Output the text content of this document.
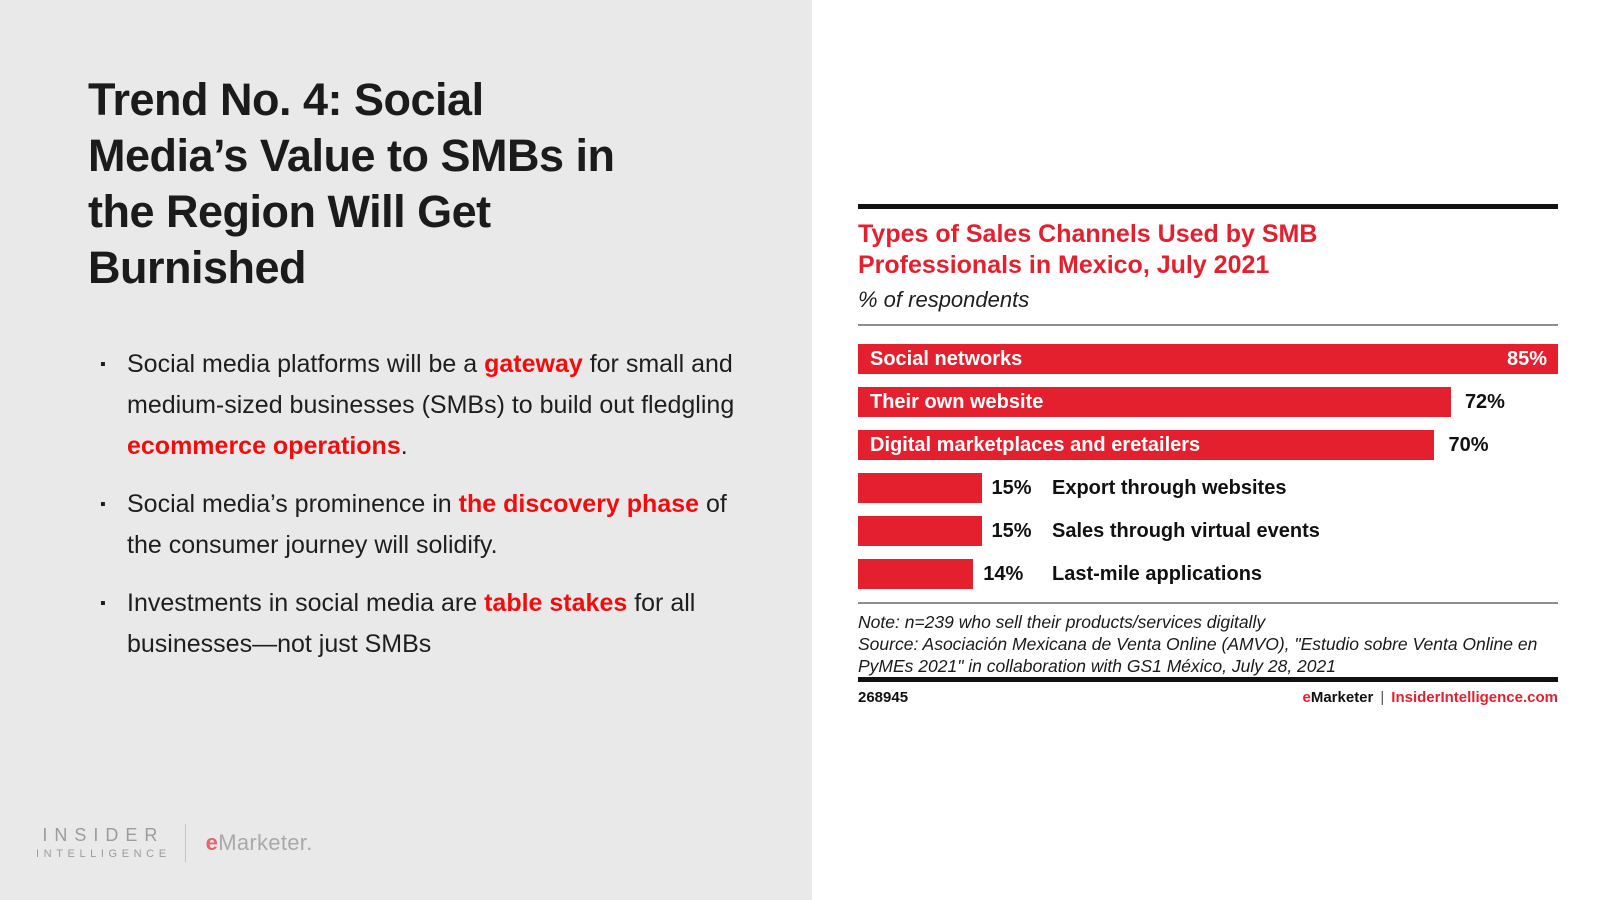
Trend No. 4: Social
Media’s Value to SMBs in
the Region Will Get
Burnished
▪ Social media platforms will be a gateway for small and medium-sized businesses (SMBs) to build out fledgling ecommerce operations.
▪ Social media’s prominence in the discovery phase of the consumer journey will solidify.
▪ Investments in social media are table stakes for all businesses—not just SMBs
INSIDER
INTELLIGENCE eMarketer.
Types of Sales Channels Used by SMB
Professionals in Mexico, July 2021
% of respondents
Social networks	85%
72%
Their own website
70%
Digital marketplaces and eretailers
15% Export through websites
15% Sales through virtual events
14% Last-mile applications
Note: n=239 who sell their products/services digitally
Source: Asociación Mexicana de Venta Online (AMVO), "Estudio sobre Venta Online en
PyMEs 2021" in collaboration with GS1 México, July 28, 2021
268945	eMarketer | InsiderIntelligence.com
